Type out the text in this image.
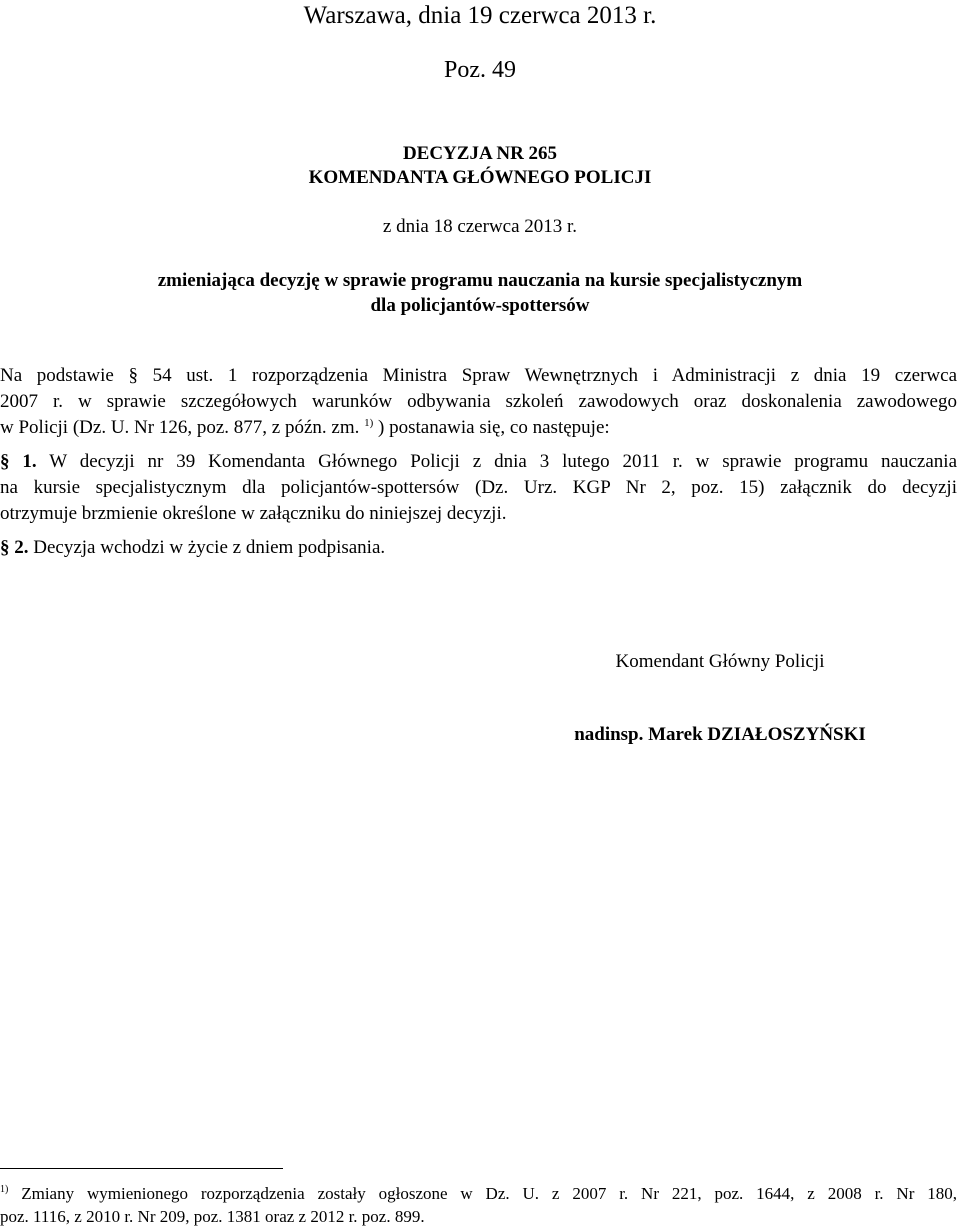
Warszawa, dnia 19 czerwca 2013 r.
Poz. 49
DECYZJA NR 265
KOMENDANTA GŁÓWNEGO POLICJI
z dnia 18 czerwca 2013 r.
zmieniająca decyzję w sprawie programu nauczania na kursie specjalistycznym
dla policjantów-spottersów
Na podstawie § 54 ust. 1 rozporządzenia Ministra Spraw Wewnętrznych i Administracji z dnia 19 czerwca
2007 r. w sprawie szczegółowych warunków odbywania szkoleń zawodowych oraz doskonalenia zawodowego
w Policji (Dz. U. Nr 126, poz. 877, z późn. zm. $^{1)}$ ) postanawia się, co następuje:
§ 1. W decyzji nr 39 Komendanta Głównego Policji z dnia 3 lutego 2011 r. w sprawie programu nauczania
na kursie specjalistycznym dla policjantów-spottersów (Dz. Urz. KGP Nr 2, poz. 15) załącznik do decyzji
otrzymuje brzmienie określone w załączniku do niniejszej decyzji.
§ 2. Decyzja wchodzi w życie z dniem podpisania.
Komendant Główny Policji
nadinsp. Marek DZIAŁOSZYŃSKI
$^{1)}$ Zmiany wymienionego rozporządzenia zostały ogłoszone w Dz. U. z 2007 r. Nr 221, poz. 1644, z 2008 r. Nr 180,
poz. 1116, z 2010 r. Nr 209, poz. 1381 oraz z 2012 r. poz. 899.
